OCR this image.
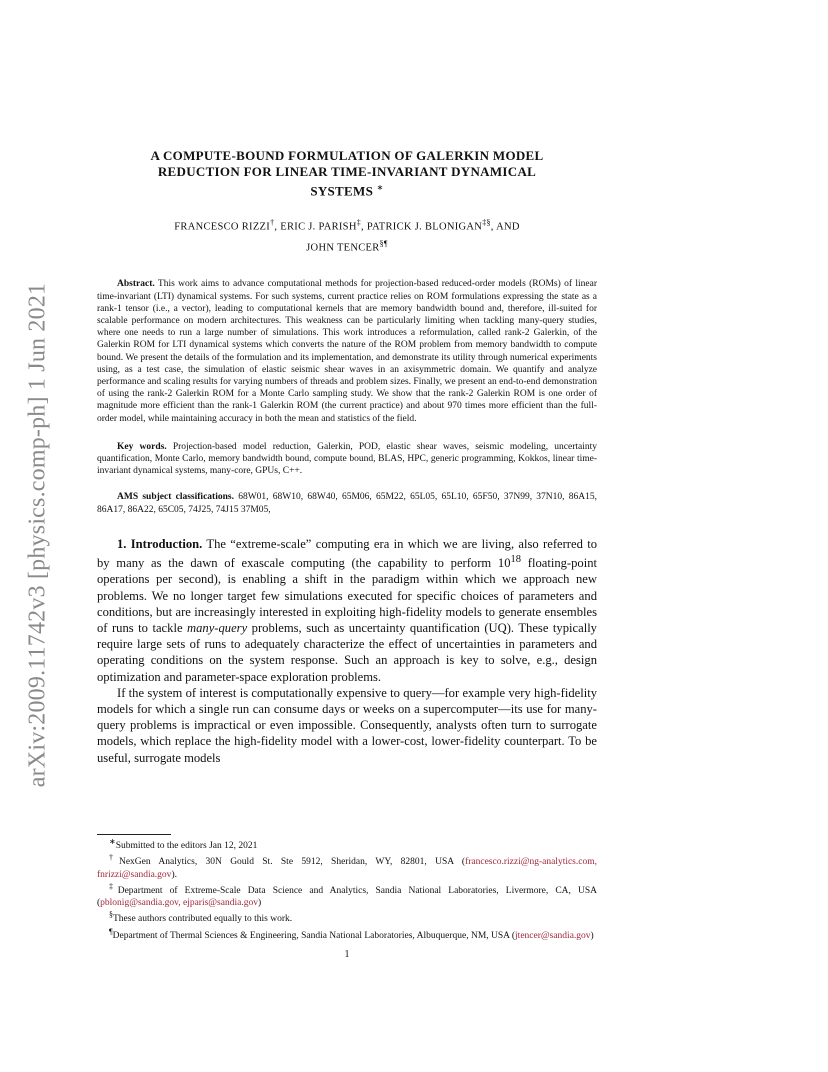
arXiv:2009.11742v3 [physics.comp-ph] 1 Jun 2021
A COMPUTE-BOUND FORMULATION OF GALERKIN MODEL REDUCTION FOR LINEAR TIME-INVARIANT DYNAMICAL SYSTEMS ∗
FRANCESCO RIZZI†, ERIC J. PARISH‡, PATRICK J. BLONIGAN‡§, AND
JOHN TENCER§¶
Abstract. This work aims to advance computational methods for projection-based reduced-order models (ROMs) of linear time-invariant (LTI) dynamical systems. For such systems, current practice relies on ROM formulations expressing the state as a rank-1 tensor (i.e., a vector), leading to computational kernels that are memory bandwidth bound and, therefore, ill-suited for scalable performance on modern architectures. This weakness can be particularly limiting when tackling many-query studies, where one needs to run a large number of simulations. This work introduces a reformulation, called rank-2 Galerkin, of the Galerkin ROM for LTI dynamical systems which converts the nature of the ROM problem from memory bandwidth to compute bound. We present the details of the formulation and its implementation, and demonstrate its utility through numerical experiments using, as a test case, the simulation of elastic seismic shear waves in an axisymmetric domain. We quantify and analyze performance and scaling results for varying numbers of threads and problem sizes. Finally, we present an end-to-end demonstration of using the rank-2 Galerkin ROM for a Monte Carlo sampling study. We show that the rank-2 Galerkin ROM is one order of magnitude more efficient than the rank-1 Galerkin ROM (the current practice) and about 970 times more efficient than the full-order model, while maintaining accuracy in both the mean and statistics of the field.
Key words. Projection-based model reduction, Galerkin, POD, elastic shear waves, seismic modeling, uncertainty quantification, Monte Carlo, memory bandwidth bound, compute bound, BLAS, HPC, generic programming, Kokkos, linear time-invariant dynamical systems, many-core, GPUs, C++.
AMS subject classifications. 68W01, 68W10, 68W40, 65M06, 65M22, 65L05, 65L10, 65F50, 37N99, 37N10, 86A15, 86A17, 86A22, 65C05, 74J25, 74J15 37M05,

1. Introduction. The “extreme-scale” computing era in which we are living, also referred to by many as the dawn of exascale computing (the capability to perform $10^{18}$ floating-point operations per second), is enabling a shift in the paradigm within which we approach new problems. We no longer target few simulations executed for specific choices of parameters and conditions, but are increasingly interested in exploiting high-fidelity models to generate ensembles of runs to tackle many-query problems, such as uncertainty quantification (UQ). These typically require large sets of runs to adequately characterize the effect of uncertainties in parameters and operating conditions on the system response. Such an approach is key to solve, e.g., design optimization and parameter-space exploration problems.

If the system of interest is computationally expensive to query—for example very high-fidelity models for which a single run can consume days or weeks on a supercomputer—its use for many-query problems is impractical or even impossible. Consequently, analysts often turn to surrogate models, which replace the high-fidelity model with a lower-cost, lower-fidelity counterpart. To be useful, surrogate models

∗Submitted to the editors Jan 12, 2021

†NexGen Analytics, 30N Gould St. Ste 5912, Sheridan, WY, 82801, USA (francesco.rizzi@ng-analytics.com, fnrizzi@sandia.gov).

‡Department of Extreme-Scale Data Science and Analytics, Sandia National Laboratories, Livermore, CA, USA (pblonig@sandia.gov, ejparis@sandia.gov)

§These authors contributed equally to this work.

¶Department of Thermal Sciences & Engineering, Sandia National Laboratories, Albuquerque, NM, USA (jtencer@sandia.gov)

1
